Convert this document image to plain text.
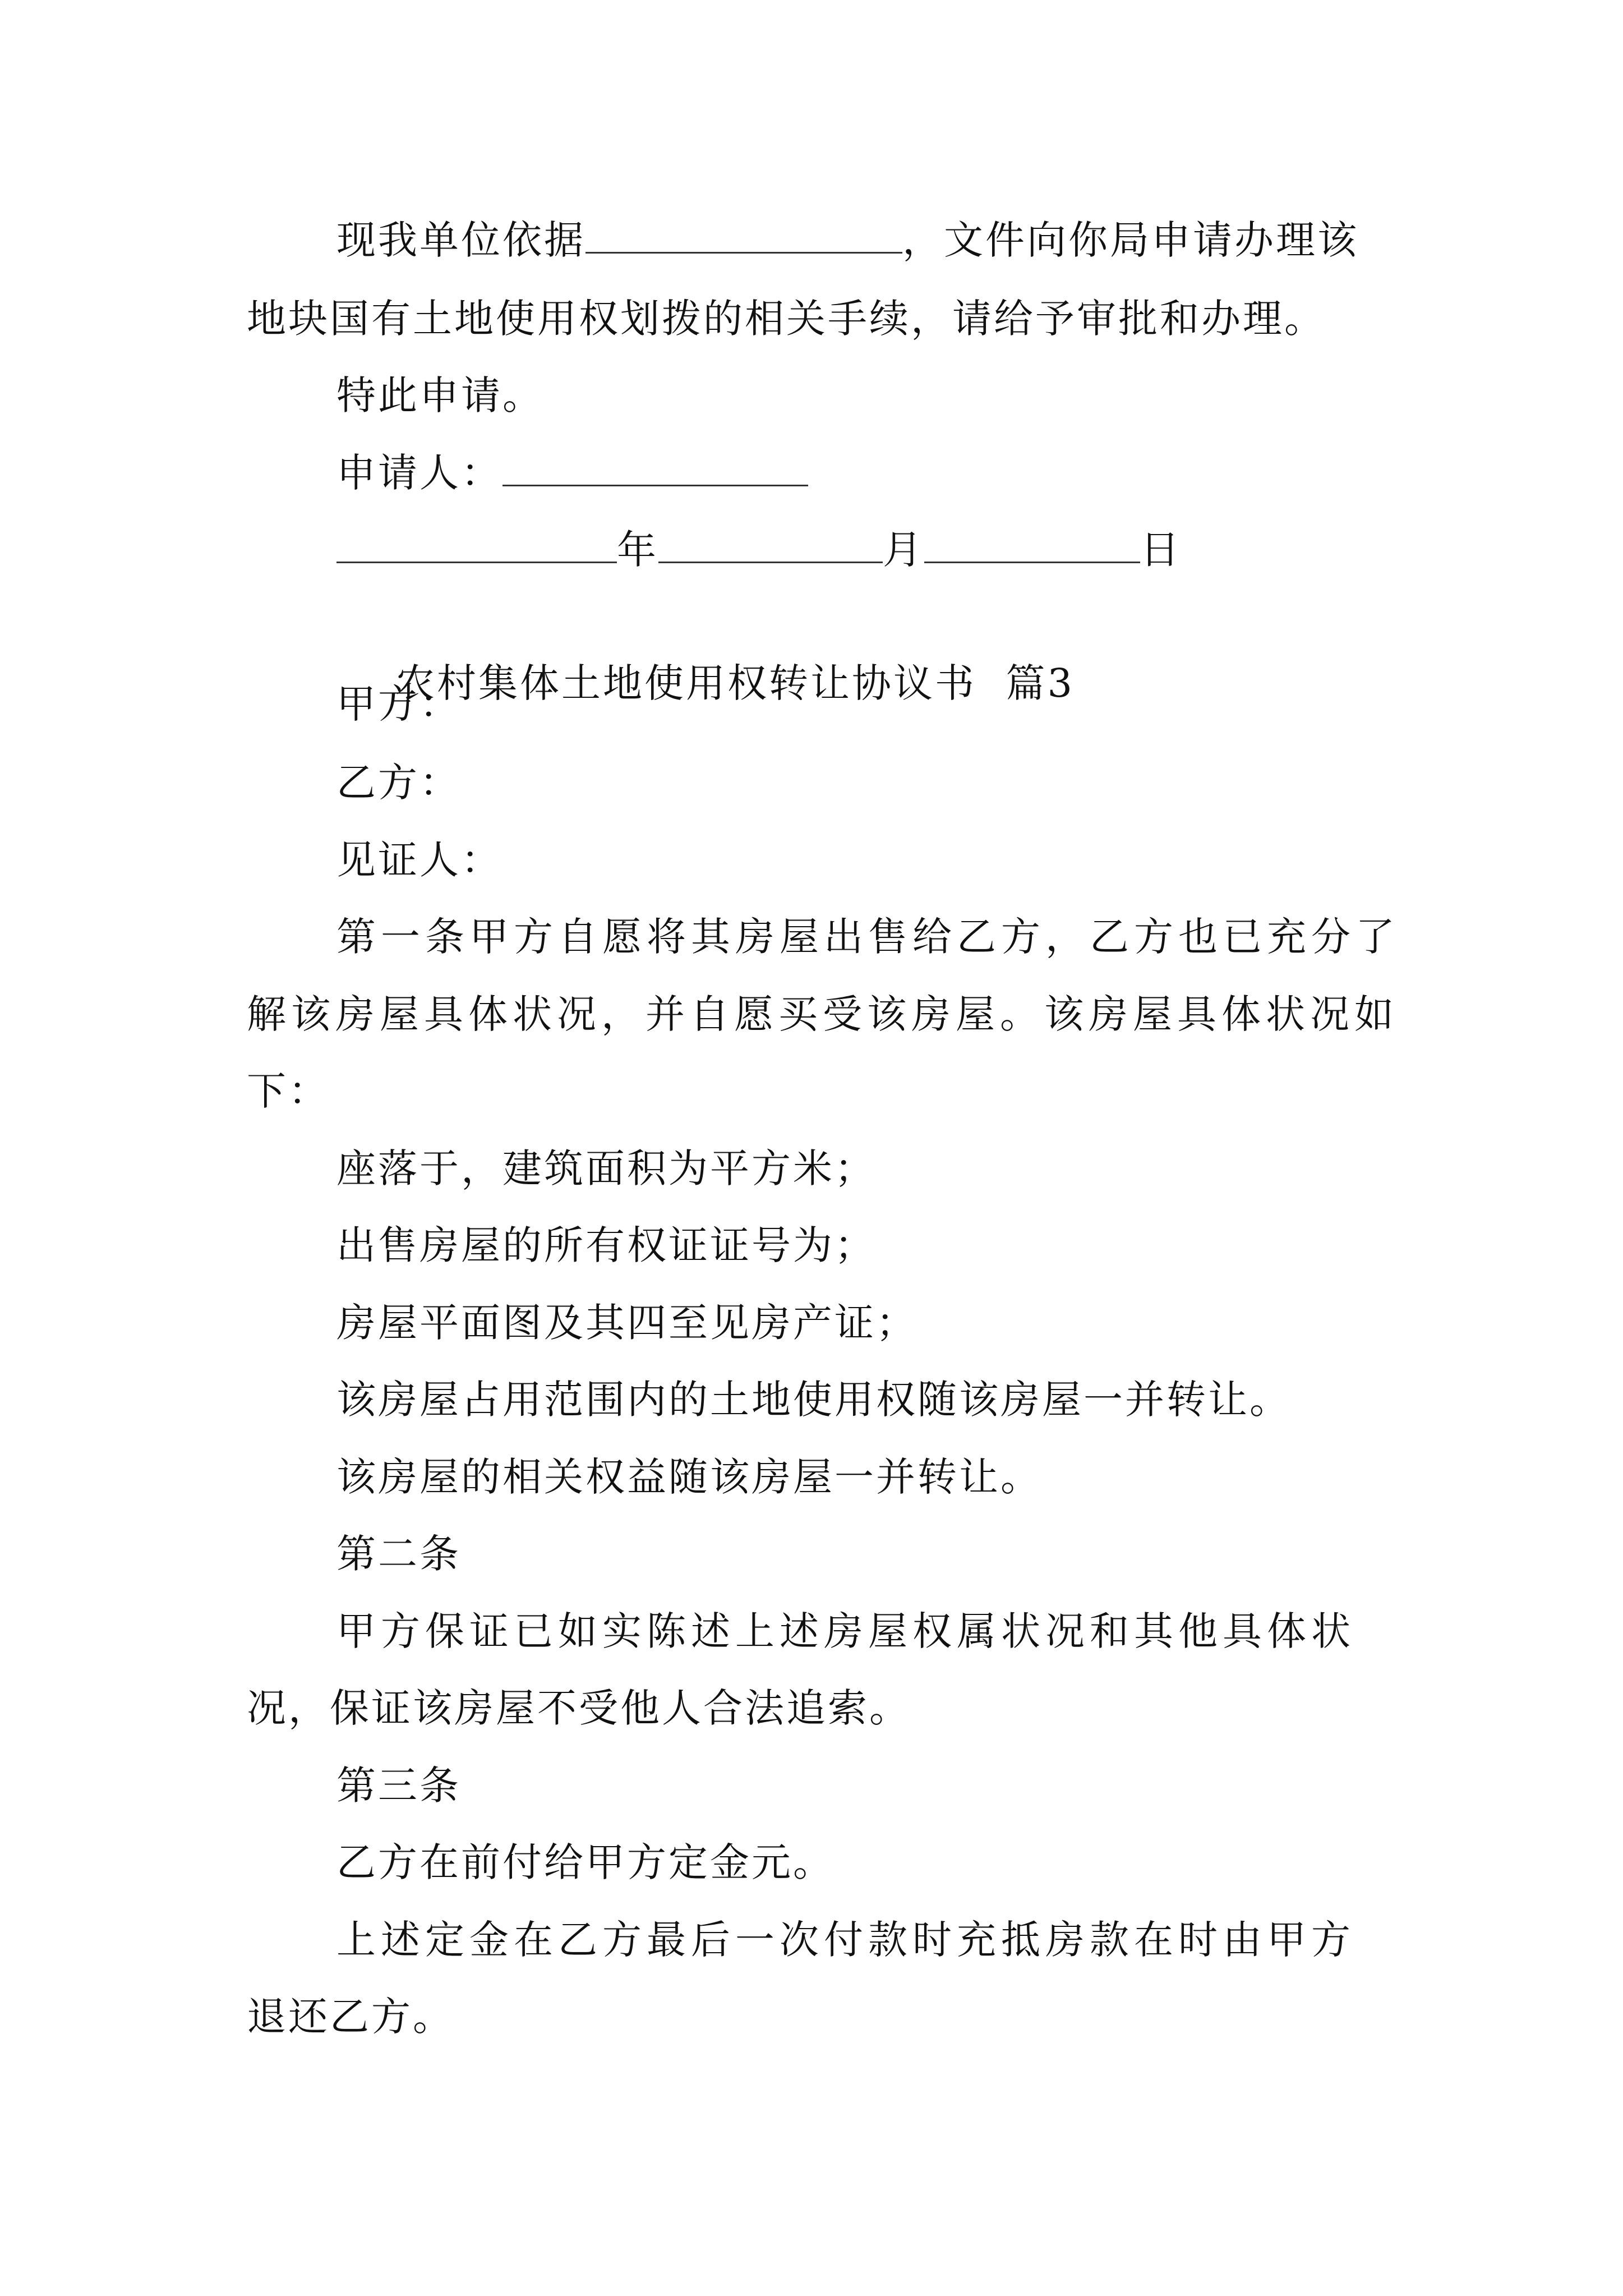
现我单位依据	，文件向你局申请办理该
地块国有土地使用权划拨的相关手续，请给予审批和办理。
特此申请。
申请人：
年	月	日

农村集体土地使用权转让协议书  篇3

甲方：
乙方：
见证人：
第一条甲方自愿将其房屋出售给乙方，乙方也已充分了
解该房屋具体状况，并自愿买受该房屋。该房屋具体状况如
下：
座落于，建筑面积为平方米；
出售房屋的所有权证证号为；
房屋平面图及其四至见房产证；
该房屋占用范围内的土地使用权随该房屋一并转让。
该房屋的相关权益随该房屋一并转让。
第二条
甲方保证已如实陈述上述房屋权属状况和其他具体状
况，保证该房屋不受他人合法追索。
第三条
乙方在前付给甲方定金元。
上述定金在乙方最后一次付款时充抵房款在时由甲方
退还乙方。
